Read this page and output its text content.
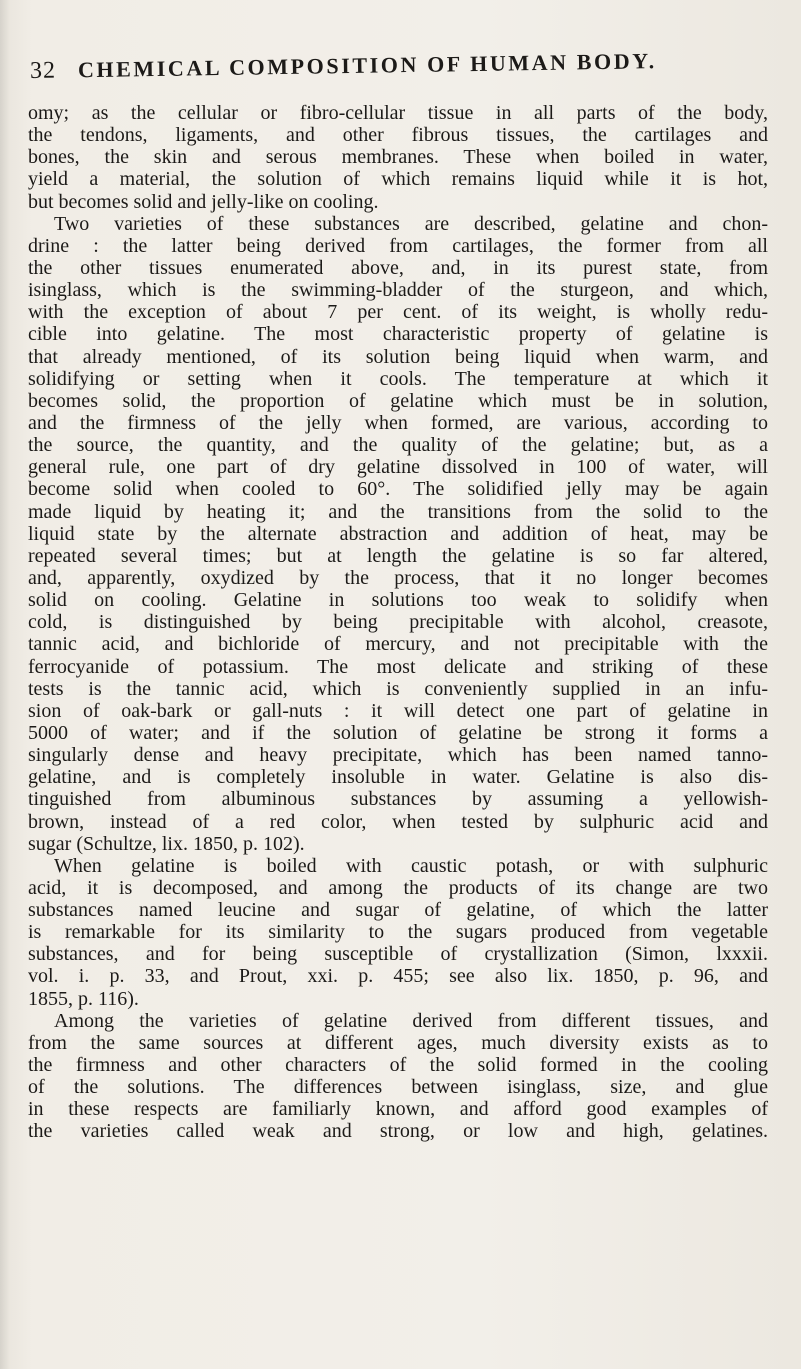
32 CHEMICAL COMPOSITION OF HUMAN BODY.
omy; as the cellular or fibro-cellular tissue in all parts of the body,
the tendons, ligaments, and other fibrous tissues, the cartilages and
bones, the skin and serous membranes. These when boiled in water,
yield a material, the solution of which remains liquid while it is hot,
but becomes solid and jelly-like on cooling.
Two varieties of these substances are described, gelatine and chon-
drine : the latter being derived from cartilages, the former from all
the other tissues enumerated above, and, in its purest state, from
isinglass, which is the swimming-bladder of the sturgeon, and which,
with the exception of about 7 per cent. of its weight, is wholly redu-
cible into gelatine. The most characteristic property of gelatine is
that already mentioned, of its solution being liquid when warm, and
solidifying or setting when it cools. The temperature at which it
becomes solid, the proportion of gelatine which must be in solution,
and the firmness of the jelly when formed, are various, according to
the source, the quantity, and the quality of the gelatine; but, as a
general rule, one part of dry gelatine dissolved in 100 of water, will
become solid when cooled to 60°. The solidified jelly may be again
made liquid by heating it; and the transitions from the solid to the
liquid state by the alternate abstraction and addition of heat, may be
repeated several times; but at length the gelatine is so far altered,
and, apparently, oxydized by the process, that it no longer becomes
solid on cooling. Gelatine in solutions too weak to solidify when
cold, is distinguished by being precipitable with alcohol, creasote,
tannic acid, and bichloride of mercury, and not precipitable with the
ferrocyanide of potassium. The most delicate and striking of these
tests is the tannic acid, which is conveniently supplied in an infu-
sion of oak-bark or gall-nuts : it will detect one part of gelatine in
5000 of water; and if the solution of gelatine be strong it forms a
singularly dense and heavy precipitate, which has been named tanno-
gelatine, and is completely insoluble in water. Gelatine is also dis-
tinguished from albuminous substances by assuming a yellowish-
brown, instead of a red color, when tested by sulphuric acid and
sugar (Schultze, lix. 1850, p. 102).
When gelatine is boiled with caustic potash, or with sulphuric
acid, it is decomposed, and among the products of its change are two
substances named leucine and sugar of gelatine, of which the latter
is remarkable for its similarity to the sugars produced from vegetable
substances, and for being susceptible of crystallization (Simon, lxxxii.
vol. i. p. 33, and Prout, xxi. p. 455; see also lix. 1850, p. 96, and
1855, p. 116).
Among the varieties of gelatine derived from different tissues, and
from the same sources at different ages, much diversity exists as to
the firmness and other characters of the solid formed in the cooling
of the solutions. The differences between isinglass, size, and glue
in these respects are familiarly known, and afford good examples of
the varieties called weak and strong, or low and high, gelatines.
